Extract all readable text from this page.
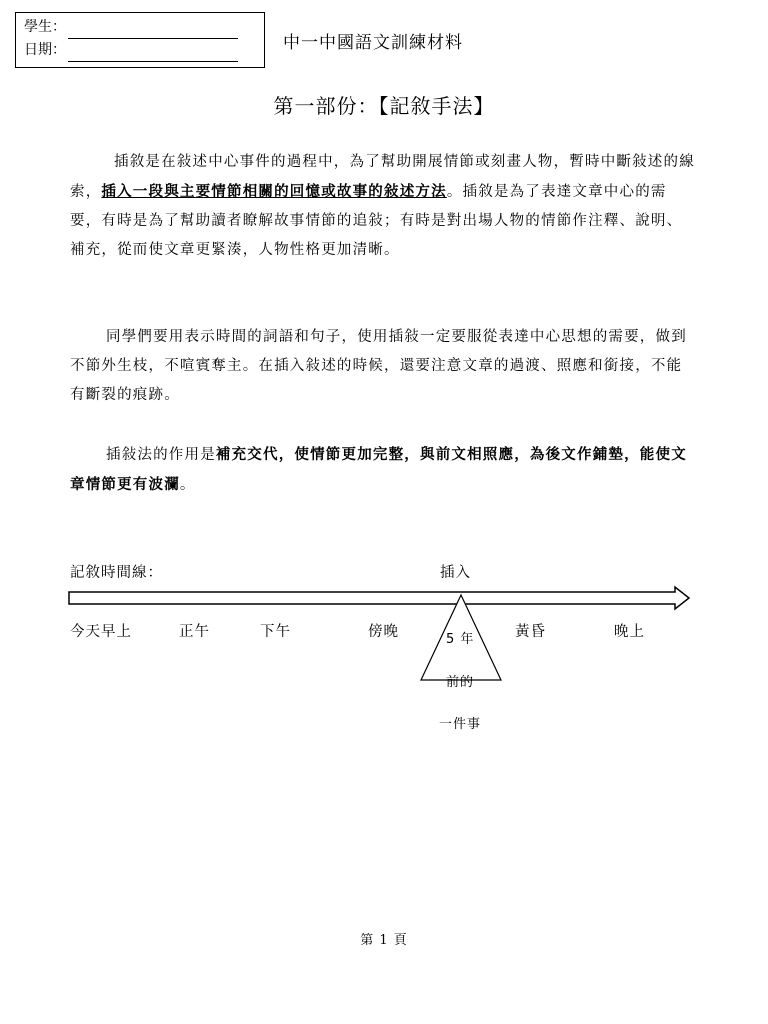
學生：
日期：	中一中國語文訓練材料
第一部份：【記敘手法】

插敘是在敍述中心事件的過程中，為了幫助開展情節或刻畫人物，暫時中斷敍述的線索，插入一段與主要情節相關的回憶或故事的敍述方法。插敘是為了表達文章中心的需要，有時是為了幫助讀者瞭解故事情節的追敍；有時是對出場人物的情節作注釋、說明、補充，從而使文章更緊湊，人物性格更加清晰。

同學們要用表示時間的詞語和句子，使用插敍一定要服從表達中心思想的需要，做到不節外生枝，不喧賓奪主。在插入敍述的時候，還要注意文章的過渡、照應和銜接，不能有斷裂的痕跡。

插敍法的作用是補充交代，使情節更加完整，與前文相照應，為後文作鋪墊，能使文章情節更有波瀾。

記敘時間線：	插入
今天早上	正午	下午	傍晚	黃昏	晚上
5 年
前的
一件事
第 1 頁
